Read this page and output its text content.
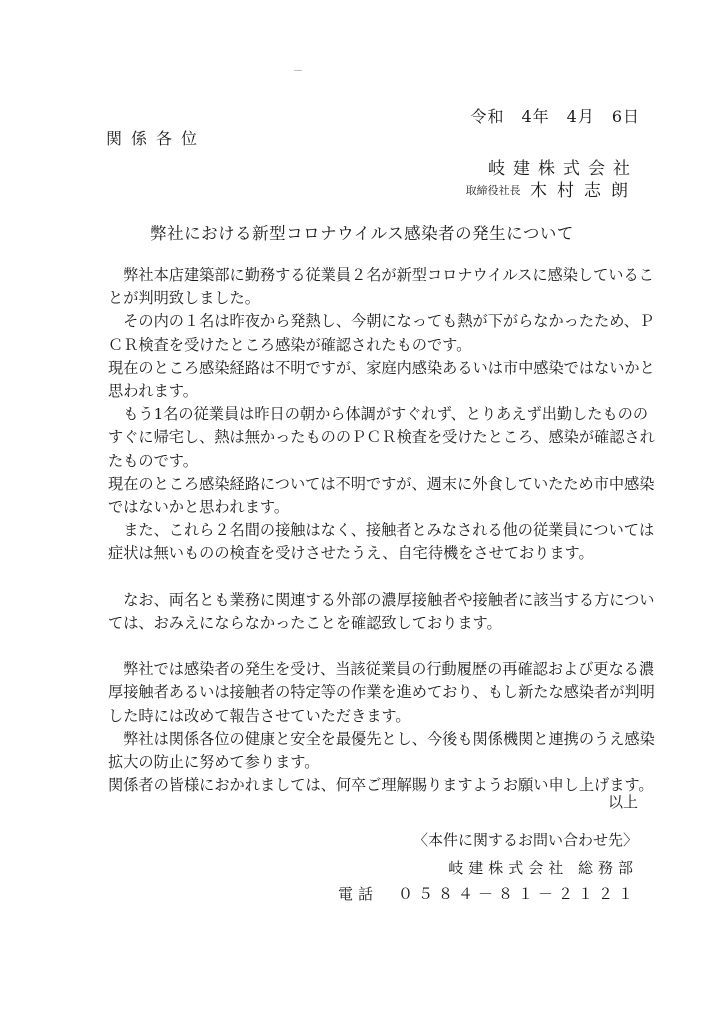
令和　4年　4月　6日
関係各位
岐建株式会社
取締役社長 木村志朗
弊社における新型コロナウイルス感染者の発生について
　弊社本店建築部に勤務する従業員２名が新型コロナウイルスに感染しているこ
とが判明致しました。
　その内の１名は昨夜から発熱し、今朝になっても熱が下がらなかったため、Ｐ
ＣＲ検査を受けたところ感染が確認されたものです。
現在のところ感染経路は不明ですが、家庭内感染あるいは市中感染ではないかと
思われます。
　もう1名の従業員は昨日の朝から体調がすぐれず、とりあえず出勤したものの
すぐに帰宅し、熱は無かったもののＰＣＲ検査を受けたところ、感染が確認され
たものです。
現在のところ感染経路については不明ですが、週末に外食していたため市中感染
ではないかと思われます。
　また、これら２名間の接触はなく、接触者とみなされる他の従業員については
症状は無いものの検査を受けさせたうえ、自宅待機をさせております。
　なお、両名とも業務に関連する外部の濃厚接触者や接触者に該当する方につい
ては、おみえにならなかったことを確認致しております。
　弊社では感染者の発生を受け、当該従業員の行動履歴の再確認および更なる濃
厚接触者あるいは接触者の特定等の作業を進めており、もし新たな感染者が判明
した時には改めて報告させていただきます。
　弊社は関係各位の健康と安全を最優先とし、今後も関係機関と連携のうえ感染
拡大の防止に努めて参ります。
関係者の皆様におかれましては、何卒ご理解賜りますようお願い申し上げます。
以上
〈本件に関するお問い合わせ先〉
岐建株式会社 総務部
電話　０５８４－８１－２１２１
